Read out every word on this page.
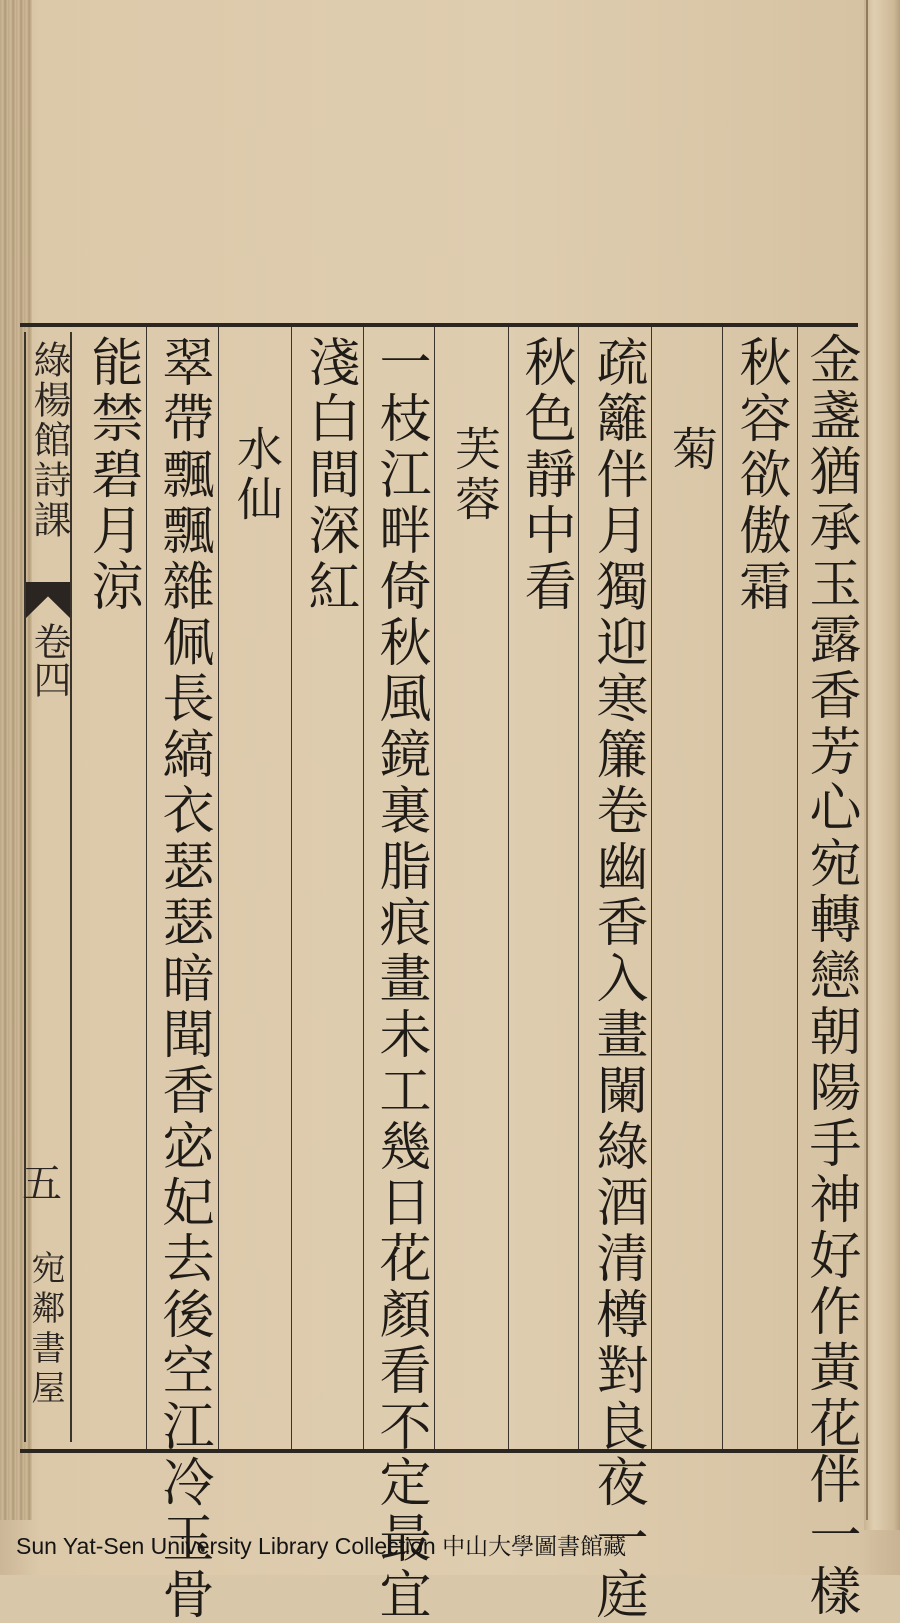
金盞猶承玉露香芳心宛轉戀朝陽手神好作黃花伴一樣
秋容欲傲霜
菊
疏籬伴月獨迎寒簾卷幽香入畫闌綠酒清樽對良夜一庭
秋色靜中看
芙蓉
一枝江畔倚秋風鏡裏脂痕畫未工幾日花顏看不定最宜
淺白間深紅
水仙
翠帶飄飄雜佩長縞衣瑟瑟暗聞香宓妃去後空江冷玉骨
能禁碧月涼
綠楊館詩課
卷四
五
宛鄰書屋
Sun Yat-Sen University Library Collection 中山大學圖書館藏
